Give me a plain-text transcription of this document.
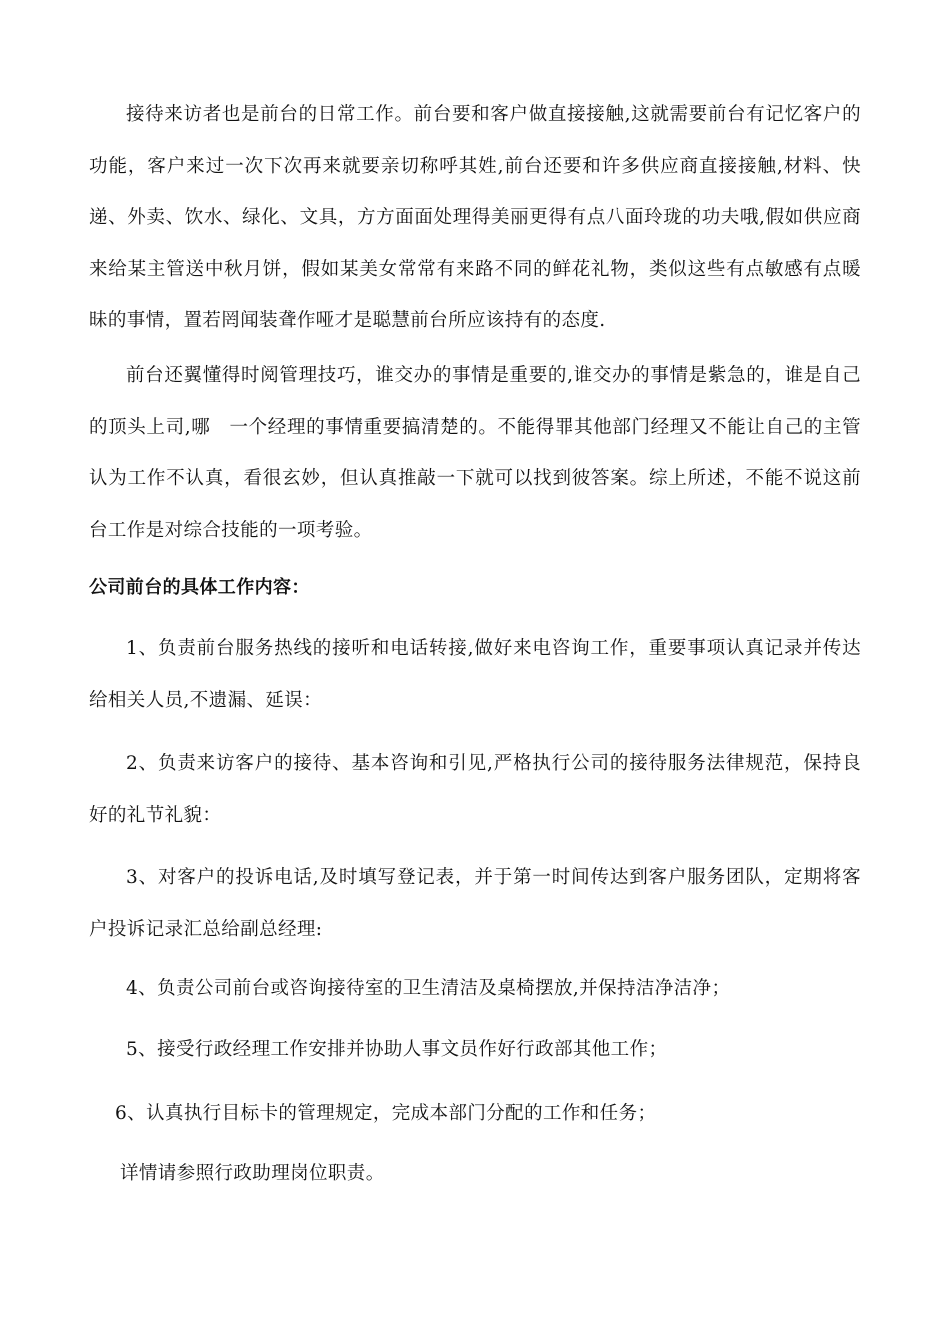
接待来访者也是前台的日常工作。前台要和客户做直接接触,这就需要前台有记忆客户的功能，客户来过一次下次再来就要亲切称呼其姓,前台还要和许多供应商直接接触,材料、快递、外卖、饮水、绿化、文具，方方面面处理得美丽更得有点八面玲珑的功夫哦,假如供应商来给某主管送中秋月饼，假如某美女常常有来路不同的鲜花礼物，类似这些有点敏感有点暖昧的事情，置若罔闻装聋作哑才是聪慧前台所应该持有的态度.

前台还翼懂得时阅管理技巧，谁交办的事情是重要的,谁交办的事情是紫急的，谁是自己的顶头上司,哪　一个经理的事情重要搞清楚的。不能得罪其他部门经理又不能让自己的主管认为工作不认真，看很玄妙，但认真推敲一下就可以找到彼答案。综上所述，不能不说这前台工作是对综合技能的一项考验。

公司前台的具体工作内容：

1、负责前台服务热线的接听和电话转接,做好来电咨询工作，重要事项认真记录并传达给相关人员,不遗漏、延误：

2、负责来访客户的接待、基本咨询和引见,严格执行公司的接待服务法律规范，保持良好的礼节礼貌：

3、对客户的投诉电话,及时填写登记表，并于第一时间传达到客户服务团队，定期将客户投诉记录汇总给副总经理:

4、负责公司前台或咨询接待室的卫生清洁及桌椅摆放,并保持洁净洁净；

5、接受行政经理工作安排并协助人事文员作好行政部其他工作；

6、认真执行目标卡的管理规定，完成本部门分配的工作和任务；

详情请参照行政助理岗位职责。
